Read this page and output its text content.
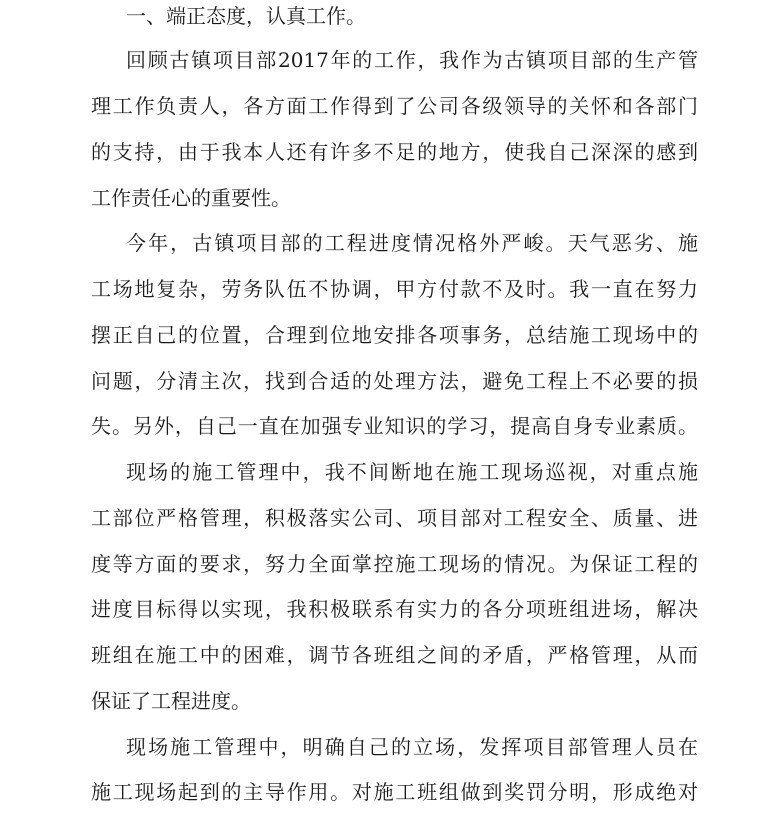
一、端正态度，认真工作。
回顾古镇项目部2017年的工作，我作为古镇项目部的生产管
理工作负责人，各方面工作得到了公司各级领导的关怀和各部门
的支持，由于我本人还有许多不足的地方，使我自己深深的感到
工作责任心的重要性。
今年，古镇项目部的工程进度情况格外严峻。天气恶劣、施
工场地复杂，劳务队伍不协调，甲方付款不及时。我一直在努力
摆正自己的位置，合理到位地安排各项事务，总结施工现场中的
问题，分清主次，找到合适的处理方法，避免工程上不必要的损
失。另外，自己一直在加强专业知识的学习，提高自身专业素质。
现场的施工管理中，我不间断地在施工现场巡视，对重点施
工部位严格管理，积极落实公司、项目部对工程安全、质量、进
度等方面的要求，努力全面掌控施工现场的情况。为保证工程的
进度目标得以实现，我积极联系有实力的各分项班组进场，解决
班组在施工中的困难，调节各班组之间的矛盾，严格管理，从而
保证了工程进度。
现场施工管理中，明确自己的立场，发挥项目部管理人员在
施工现场起到的主导作用。对施工班组做到奖罚分明，形成绝对
